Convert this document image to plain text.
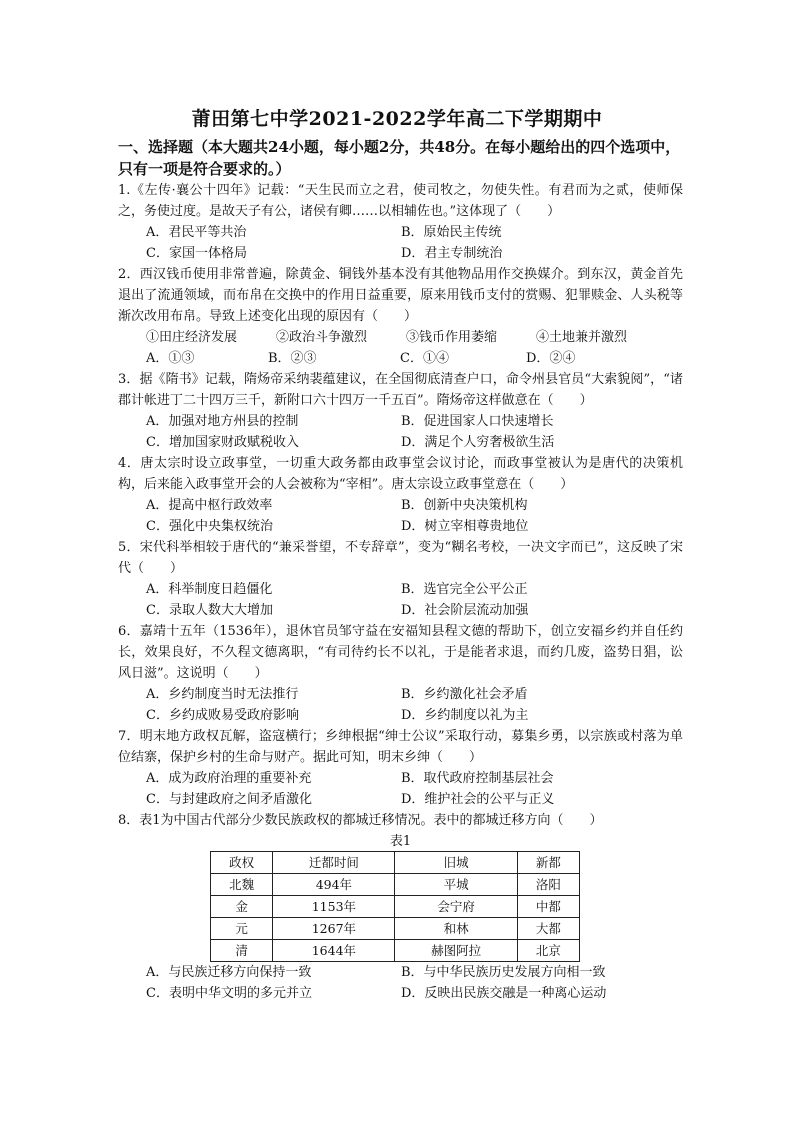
莆田第七中学2021-2022学年高二下学期期中
一、选择题（本大题共24小题，每小题2分，共48分。在每小题给出的四个选项中，只有一项是符合要求的。）

1.《左传·襄公十四年》记载：“天生民而立之君，使司牧之，勿使失性。有君而为之贰，使师保之，务使过度。是故天子有公，诸侯有卿……以相辅佐也。”这体现了（　　）

A．君民平等共治	B．原始民主传统
C．家国一体格局	D．君主专制统治

2．西汉钱币使用非常普遍，除黄金、铜钱外基本没有其他物品用作交换媒介。到东汉，黄金首先退出了流通领域，而布帛在交换中的作用日益重要，原来用钱币支付的赏赐、犯罪赎金、人头税等渐次改用布帛。导致上述变化出现的原因有（　　）

①田庄经济发展	②政治斗争激烈	③钱币作用萎缩	④土地兼并激烈
A．①③	B．②③	C．①④	D．②④

3．据《隋书》记载，隋炀帝采纳裴蕴建议，在全国彻底清查户口，命令州县官员“大索貌阅”，“诸郡计帐进丁二十四万三千，新附口六十四万一千五百”。隋炀帝这样做意在（　　）

A．加强对地方州县的控制	B．促进国家人口快速增长
C．增加国家财政赋税收入	D．满足个人穷奢极欲生活

4．唐太宗时设立政事堂，一切重大政务都由政事堂会议讨论，而政事堂被认为是唐代的决策机构，后来能入政事堂开会的人会被称为“宰相”。唐太宗设立政事堂意在（　　）

A．提高中枢行政效率	B．创新中央决策机构
C．强化中央集权统治	D．树立宰相尊贵地位

5．宋代科举相较于唐代的“兼采誉望，不专辞章”，变为“糊名考校，一决文字而已”，这反映了宋代（　　）

A．科举制度日趋僵化	B．选官完全公平公正
C．录取人数大大增加	D．社会阶层流动加强

6．嘉靖十五年（1536年），退休官员邹守益在安福知县程文德的帮助下，创立安福乡约并自任约长，效果良好，不久程文德离职，“有司待约长不以礼，于是能者求退，而约几废，盗势日猖，讼风日滋”。这说明（　　）

A．乡约制度当时无法推行	B．乡约激化社会矛盾
C．乡约成败易受政府影响	D．乡约制度以礼为主

7．明末地方政权瓦解，盗寇横行；乡绅根据“绅士公议”采取行动，募集乡勇，以宗族或村落为单位结寨，保护乡村的生命与财产。据此可知，明末乡绅（　　）

A．成为政府治理的重要补充	B．取代政府控制基层社会
C．与封建政府之间矛盾激化	D．维护社会的公平与正义

8．表1为中国古代部分少数民族政权的都城迁移情况。表中的都城迁移方向（　　）

表1
政权	迁都时间	旧城	新都
北魏	494年	平城	洛阳
金	1153年	会宁府	中都
元	1267年	和林	大都
清	1644年	赫图阿拉	北京
A．与民族迁移方向保持一致	B．与中华民族历史发展方向相一致
C．表明中华文明的多元并立	D．反映出民族交融是一种离心运动
